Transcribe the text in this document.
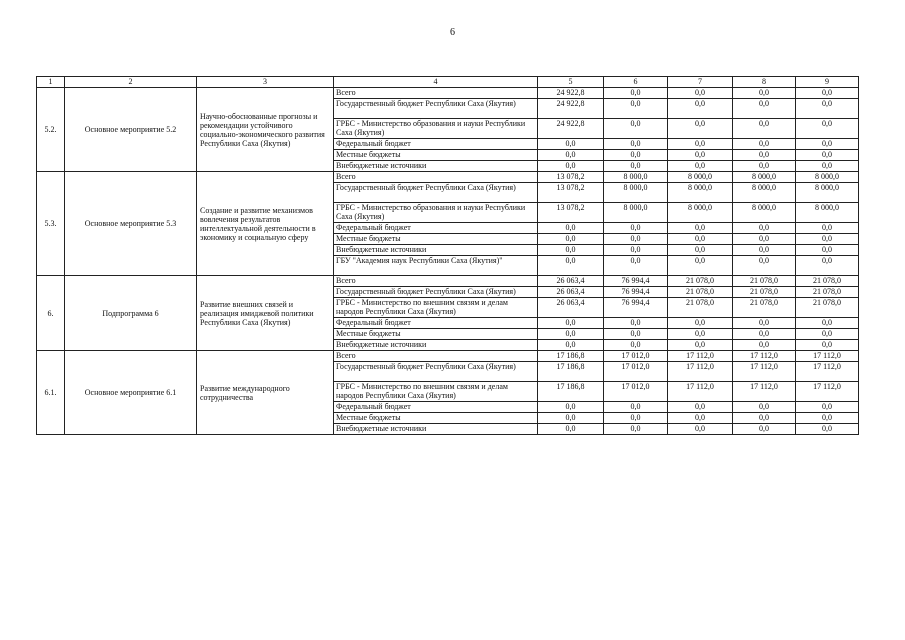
6
1	2	3	4	5	6	7	8	9
5.2.	Основное мероприятие 5.2	Научно-обоснованные прогнозы и рекомендации устойчивого социально-экономического развития Республики Саха (Якутия)	Всего	24 922,8	0,0	0,0	0,0	0,0
			Государственный бюджет Республики Саха (Якутия)	24 922,8	0,0	0,0	0,0	0,0
			ГРБС - Министерство образования и науки Республики Саха (Якутия)	24 922,8	0,0	0,0	0,0	0,0
			Федеральный бюджет	0,0	0,0	0,0	0,0	0,0
			Местные бюджеты	0,0	0,0	0,0	0,0	0,0
			Внебюджетные источники	0,0	0,0	0,0	0,0	0,0
5.3.	Основное мероприятие 5.3	Создание и развитие механизмов вовлечения результатов интеллектуальной деятельности в экономику и социальную сферу	Всего	13 078,2	8 000,0	8 000,0	8 000,0	8 000,0
			Государственный бюджет Республики Саха (Якутия)	13 078,2	8 000,0	8 000,0	8 000,0	8 000,0
			ГРБС - Министерство образования и науки Республики Саха (Якутия)	13 078,2	8 000,0	8 000,0	8 000,0	8 000,0
			Федеральный бюджет	0,0	0,0	0,0	0,0	0,0
			Местные бюджеты	0,0	0,0	0,0	0,0	0,0
			Внебюджетные источники	0,0	0,0	0,0	0,0	0,0
			ГБУ "Академия наук Республики Саха (Якутия)"	0,0	0,0	0,0	0,0	0,0
6.	Подпрограмма 6	Развитие внешних связей и реализация имиджевой политики Республики Саха (Якутия)	Всего	26 063,4	76 994,4	21 078,0	21 078,0	21 078,0
			Государственный бюджет Республики Саха (Якутия)	26 063,4	76 994,4	21 078,0	21 078,0	21 078,0
			ГРБС - Министерство по внешним связям и делам народов Республики Саха (Якутия)	26 063,4	76 994,4	21 078,0	21 078,0	21 078,0
			Федеральный бюджет	0,0	0,0	0,0	0,0	0,0
			Местные бюджеты	0,0	0,0	0,0	0,0	0,0
			Внебюджетные источники	0,0	0,0	0,0	0,0	0,0
6.1.	Основное мероприятие 6.1	Развитие международного сотрудничества	Всего	17 186,8	17 012,0	17 112,0	17 112,0	17 112,0
			Государственный бюджет Республики Саха (Якутия)	17 186,8	17 012,0	17 112,0	17 112,0	17 112,0
			ГРБС - Министерство по внешним связям и делам народов Республики Саха (Якутия)	17 186,8	17 012,0	17 112,0	17 112,0	17 112,0
			Федеральный бюджет	0,0	0,0	0,0	0,0	0,0
			Местные бюджеты	0,0	0,0	0,0	0,0	0,0
			Внебюджетные источники	0,0	0,0	0,0	0,0	0,0
